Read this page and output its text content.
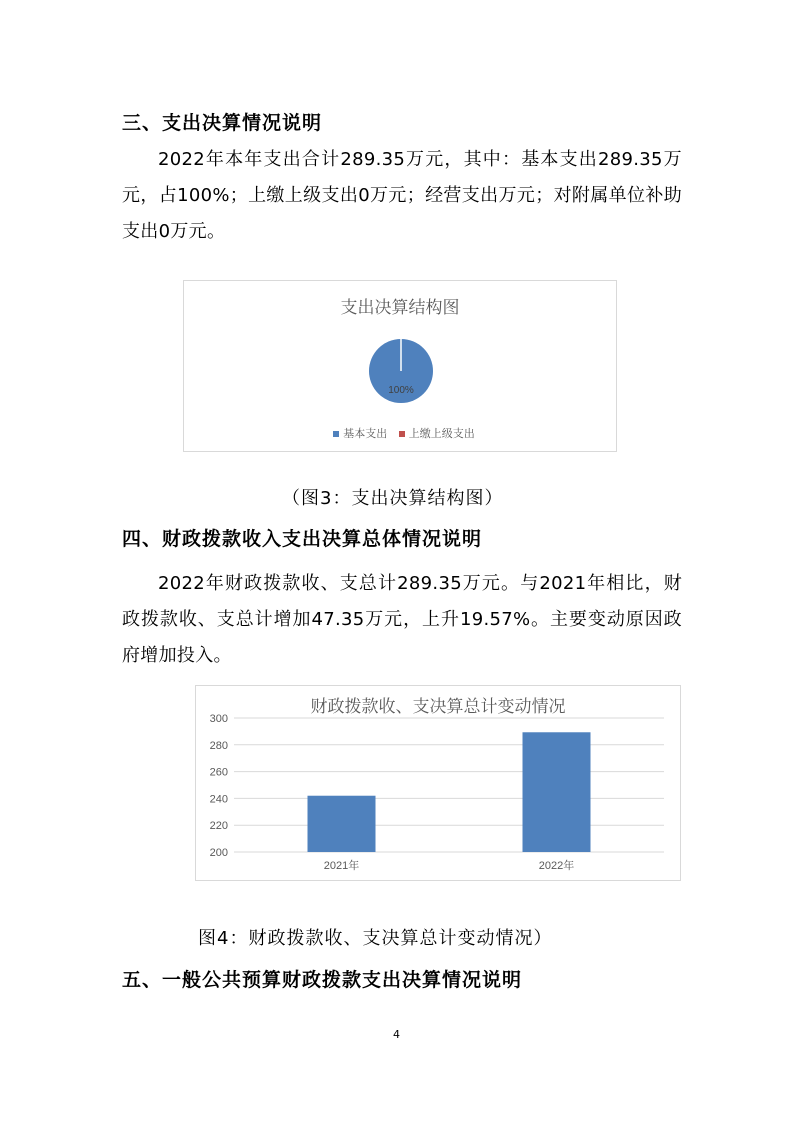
三、支出决算情况说明

2022年本年支出合计289.35万元，其中：基本支出289.35万元，占100%；上缴上级支出0万元；经营支出万元；对附属单位补助支出0万元。

支出决算结构图
100%
基本支出 上缴上级支出
（图3：支出决算结构图）
四、财政拨款收入支出决算总体情况说明

2022年财政拨款收、支总计289.35万元。与2021年相比，财政拨款收、支总计增加47.35万元，上升19.57%。主要变动原因政府增加投入。

200
220
240
260
280
300
2021年	2022年
财政拨款收、支决算总计变动情况
图4：财政拨款收、支决算总计变动情况）
五、一般公共预算财政拨款支出决算情况说明
4
